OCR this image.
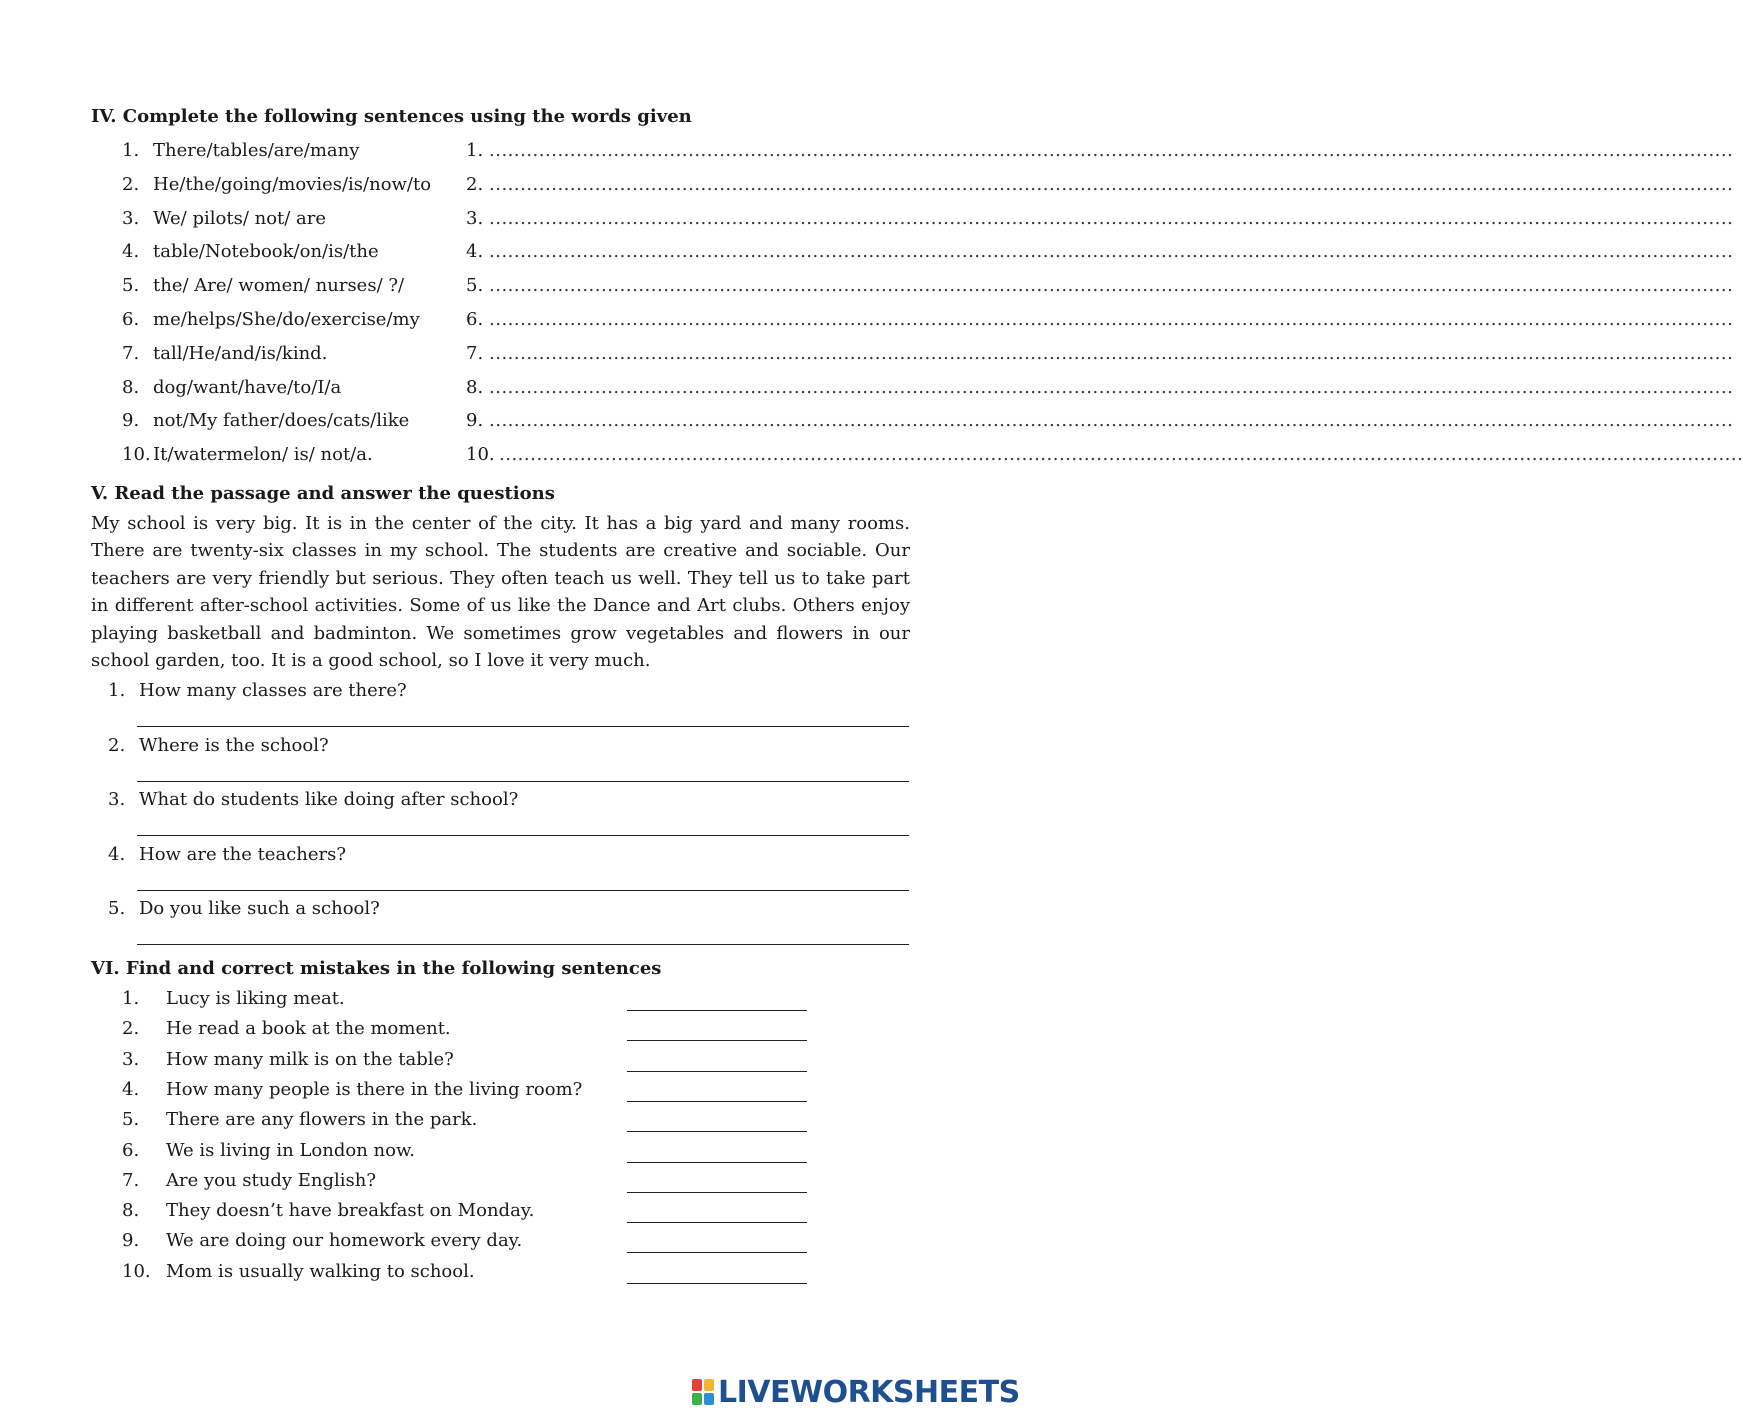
IV. Complete the following sentences using the words given
1. There/tables/are/many	1. ........................................................................................................................................................................................................
2. He/the/going/movies/is/now/to 2. ........................................................................................................................................................................................................
3. We/ pilots/ not/ are	3. ........................................................................................................................................................................................................
4. table/Notebook/on/is/the	4. ........................................................................................................................................................................................................
5. the/ Are/ women/ nurses/ ?/	5. ........................................................................................................................................................................................................
6. me/helps/She/do/exercise/my	6. ........................................................................................................................................................................................................
7. tall/He/and/is/kind.	7. ........................................................................................................................................................................................................
8. dog/want/have/to/I/a	8. ........................................................................................................................................................................................................
9. not/My father/does/cats/like	9. ........................................................................................................................................................................................................
10. It/watermelon/ is/ not/a.	10. ........................................................................................................................................................................................................
V. Read the passage and answer the questions
My school is very big. It is in the center of the city. It has a big yard and many rooms. There are twenty-six classes in my school. The students are creative and sociable. Our teachers are very friendly but serious. They often teach us well. They tell us to take part in different after-school activities. Some of us like the Dance and Art clubs. Others enjoy playing basketball and badminton. We sometimes grow vegetables and flowers in our school garden, too. It is a good school, so I love it very much.
1. How many classes are there?
2. Where is the school?
3. What do students like doing after school?
4. How are the teachers?
5. Do you like such a school?
VI. Find and correct mistakes in the following sentences
1. Lucy is liking meat.
2. He read a book at the moment.
3. How many milk is on the table?
4. How many people is there in the living room?
5. There are any flowers in the park.
6. We is living in London now.
7. Are you study English?
8. They doesn’t have breakfast on Monday.
9. We are doing our homework every day.
10. Mom is usually walking to school.
LIVEWORKSHEETS
